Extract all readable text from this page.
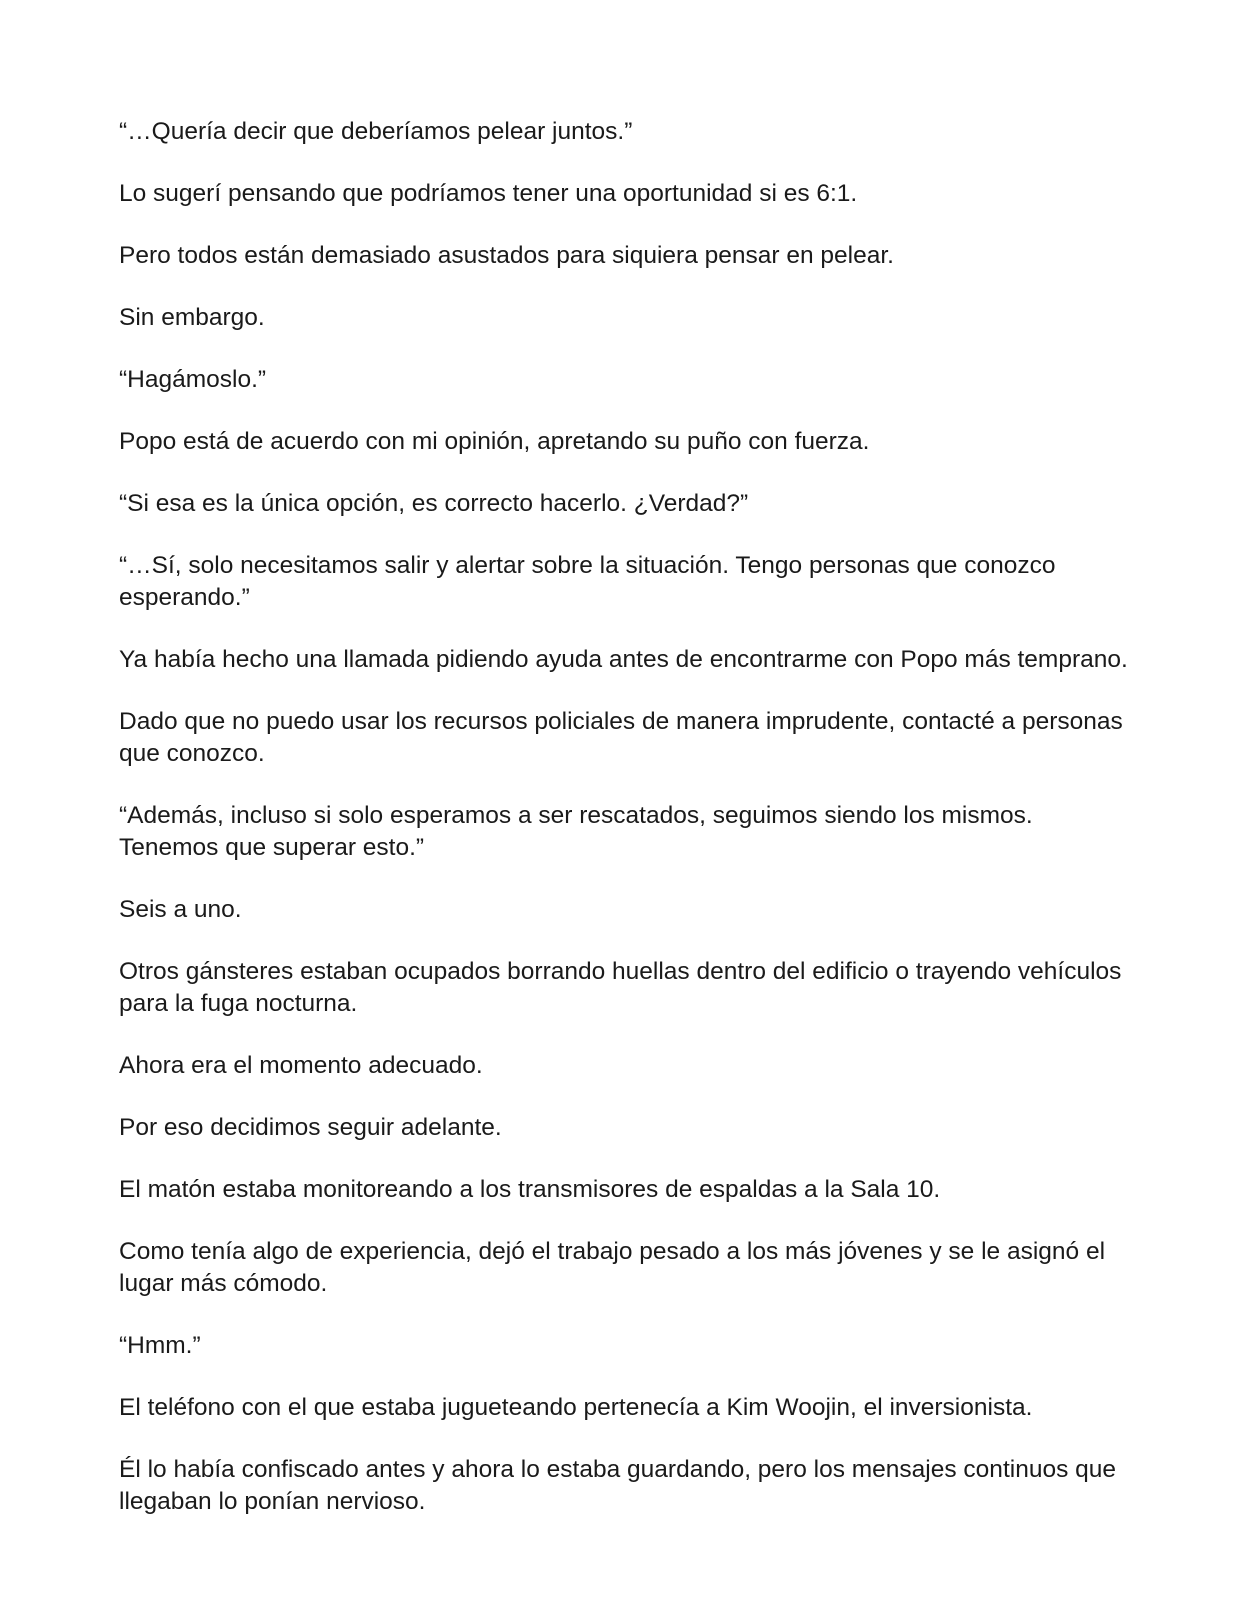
“…Quería decir que deberíamos pelear juntos.”

Lo sugerí pensando que podríamos tener una oportunidad si es 6:1.

Pero todos están demasiado asustados para siquiera pensar en pelear.

Sin embargo.

“Hagámoslo.”

Popo está de acuerdo con mi opinión, apretando su puño con fuerza.

“Si esa es la única opción, es correcto hacerlo. ¿Verdad?”

“…Sí, solo necesitamos salir y alertar sobre la situación. Tengo personas que conozco esperando.”

Ya había hecho una llamada pidiendo ayuda antes de encontrarme con Popo más temprano.

Dado que no puedo usar los recursos policiales de manera imprudente, contacté a personas que conozco.

“Además, incluso si solo esperamos a ser rescatados, seguimos siendo los mismos. Tenemos que superar esto.”

Seis a uno.

Otros gánsteres estaban ocupados borrando huellas dentro del edificio o trayendo vehículos para la fuga nocturna.

Ahora era el momento adecuado.

Por eso decidimos seguir adelante.

El matón estaba monitoreando a los transmisores de espaldas a la Sala 10.

Como tenía algo de experiencia, dejó el trabajo pesado a los más jóvenes y se le asignó el lugar más cómodo.

“Hmm.”

El teléfono con el que estaba jugueteando pertenecía a Kim Woojin, el inversionista.

Él lo había confiscado antes y ahora lo estaba guardando, pero los mensajes continuos que llegaban lo ponían nervioso.
